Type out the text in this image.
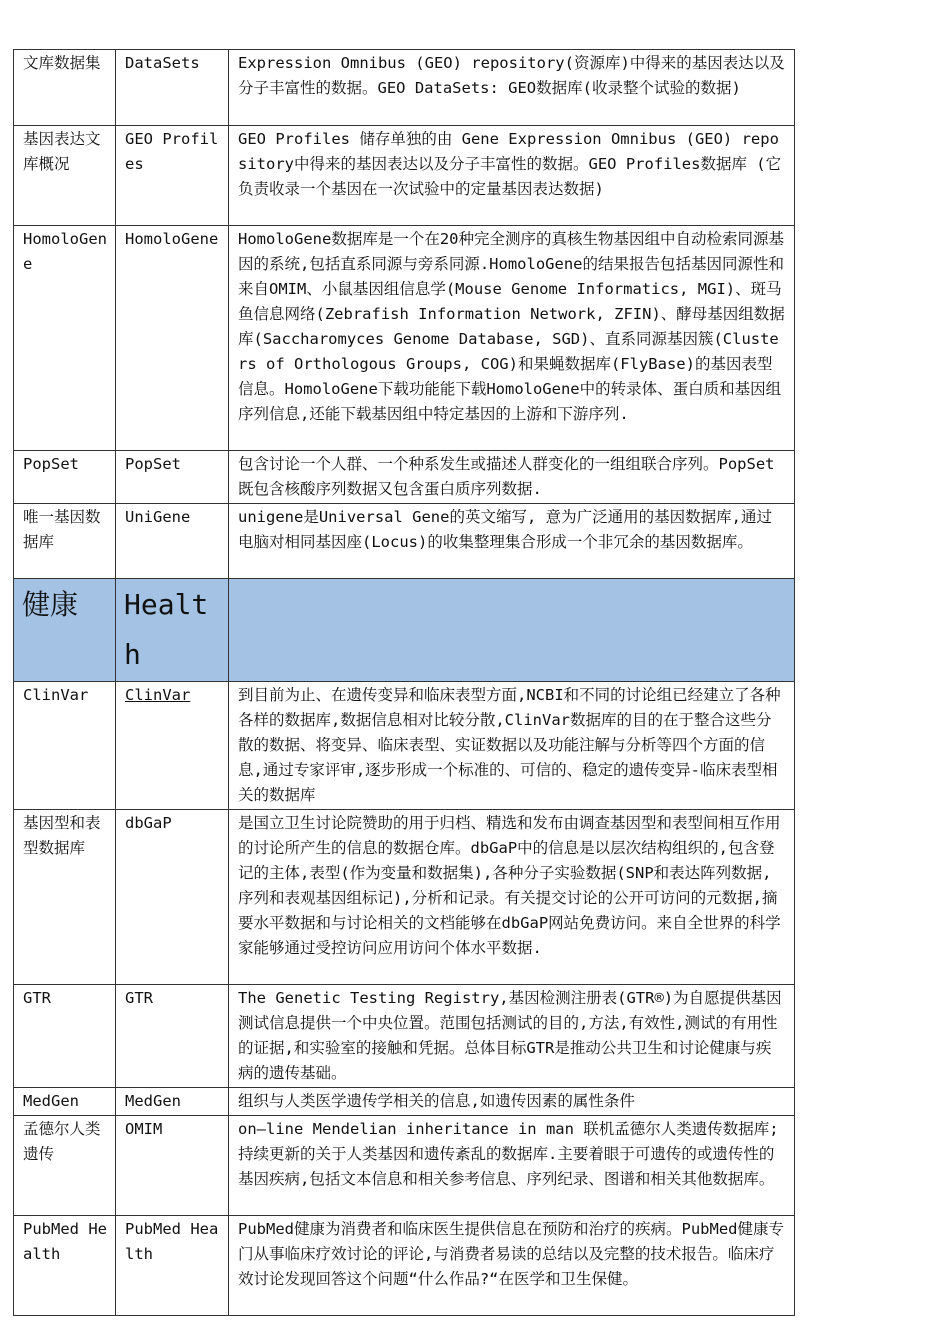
文库数据集	DataSets	Expression Omnibus (GEO) repository(资源库)中得来的基因表达以及分子丰富性的数据。GEO DataSets: GEO数据库(收录整个试验的数据)
基因表达文库概况	GEO Profiles	GEO Profiles 储存单独的由 Gene Expression Omnibus (GEO) repository中得来的基因表达以及分子丰富性的数据。GEO Profiles数据库 (它负责收录一个基因在一次试验中的定量基因表达数据)
HomoloGene	HomoloGene	HomoloGene数据库是一个在20种完全测序的真核生物基因组中自动检索同源基因的系统,包括直系同源与旁系同源.HomoloGene的结果报告包括基因同源性和来自OMIM、小鼠基因组信息学(Mouse Genome Informatics, MGI)、斑马鱼信息网络(Zebrafish Information Network, ZFIN)、酵母基因组数据库(Saccharomyces Genome Database, SGD)、直系同源基因簇(Clusters of Orthologous Groups, COG)和果蝇数据库(FlyBase)的基因表型信息。HomoloGene下载功能能下载HomoloGene中的转录体、蛋白质和基因组序列信息,还能下载基因组中特定基因的上游和下游序列.
PopSet	PopSet	包含讨论一个人群、一个种系发生或描述人群变化的一组组联合序列。PopSet既包含核酸序列数据又包含蛋白质序列数据.
唯一基因数据库	UniGene	unigene是Universal Gene的英文缩写, 意为广泛通用的基因数据库,通过电脑对相同基因座(Locus)的收集整理集合形成一个非冗余的基因数据库。
健康	Health	
ClinVar	ClinVar	到目前为止、在遗传变异和临床表型方面,NCBI和不同的讨论组已经建立了各种各样的数据库,数据信息相对比较分散,ClinVar数据库的目的在于整合这些分散的数据、将变异、临床表型、实证数据以及功能注解与分析等四个方面的信息,通过专家评审,逐步形成一个标准的、可信的、稳定的遗传变异-临床表型相关的数据库
基因型和表型数据库	dbGaP	是国立卫生讨论院赞助的用于归档、精选和发布由调查基因型和表型间相互作用的讨论所产生的信息的数据仓库。dbGaP中的信息是以层次结构组织的,包含登记的主体,表型(作为变量和数据集),各种分子实验数据(SNP和表达阵列数据,序列和表观基因组标记),分析和记录。有关提交讨论的公开可访问的元数据,摘要水平数据和与讨论相关的文档能够在dbGaP网站免费访问。来自全世界的科学家能够通过受控访问应用访问个体水平数据.
GTR	GTR	The Genetic Testing Registry,基因检测注册表(GTR®)为自愿提供基因测试信息提供一个中央位置。范围包括测试的目的,方法,有效性,测试的有用性的证据,和实验室的接触和凭据。总体目标GTR是推动公共卫生和讨论健康与疾病的遗传基础。
MedGen	MedGen	组织与人类医学遗传学相关的信息,如遗传因素的属性条件
孟德尔人类遗传	OMIM	on—line Mendelian inheritance in man 联机孟德尔人类遗传数据库;持续更新的关于人类基因和遗传紊乱的数据库.主要着眼于可遗传的或遗传性的基因疾病,包括文本信息和相关参考信息、序列纪录、图谱和相关其他数据库。
PubMed Health	PubMed Health	PubMed健康为消费者和临床医生提供信息在预防和治疗的疾病。PubMed健康专门从事临床疗效讨论的评论,与消费者易读的总结以及完整的技术报告。临床疗效讨论发现回答这个问题“什么作品?“在医学和卫生保健。
